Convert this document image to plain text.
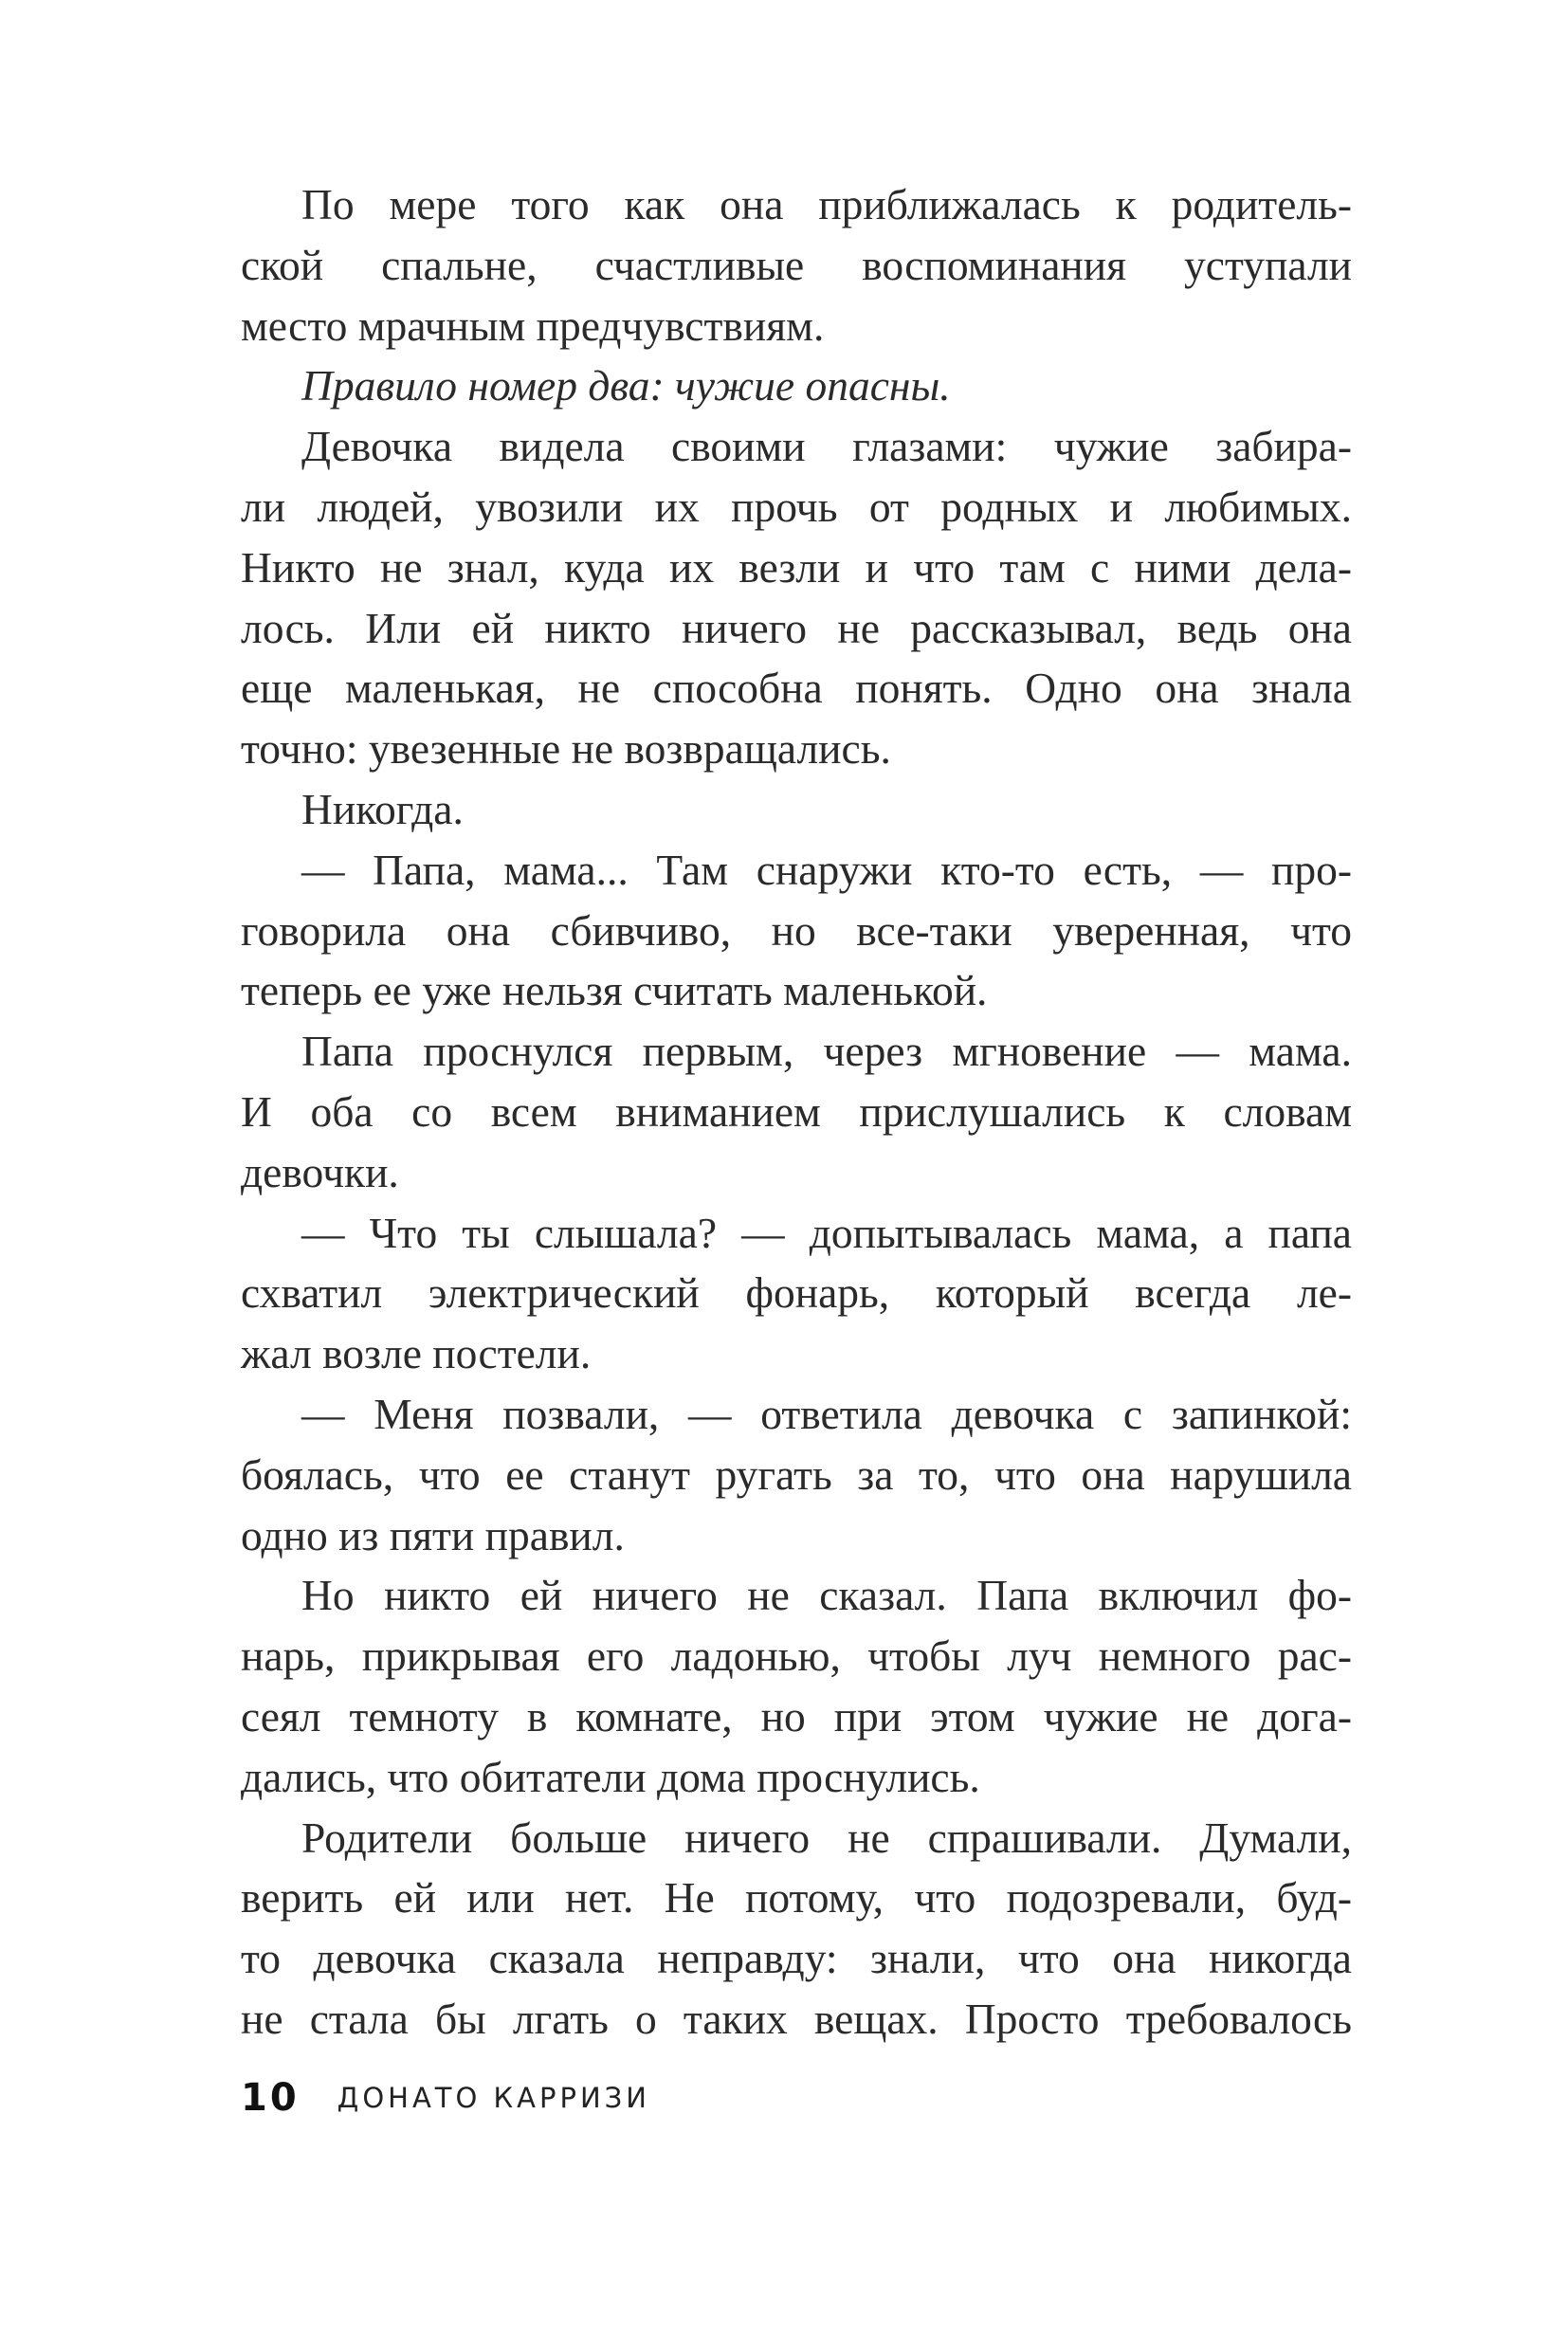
По мере того как она приближалась к родитель-
ской спальне, счастливые воспоминания уступали
место мрачным предчувствиям.
Правило номер два: чужие опасны.
Девочка видела своими глазами: чужие забира-
ли людей, увозили их прочь от родных и любимых.
Никто не знал, куда их везли и что там с ними дела-
лось. Или ей никто ничего не рассказывал, ведь она
еще маленькая, не способна понять. Одно она знала
точно: увезенные не возвращались.
Никогда.
— Папа, мама... Там снаружи кто-то есть, — про-
говорила она сбивчиво, но все-таки уверенная, что
теперь ее уже нельзя считать маленькой.
Папа проснулся первым, через мгновение — мама.
И оба со всем вниманием прислушались к словам
девочки.
— Что ты слышала? — допытывалась мама, а папа
схватил электрический фонарь, который всегда ле-
жал возле постели.
— Меня позвали, — ответила девочка с запинкой:
боялась, что ее станут ругать за то, что она нарушила
одно из пяти правил.
Но никто ей ничего не сказал. Папа включил фо-
нарь, прикрывая его ладонью, чтобы луч немного рас-
сеял темноту в комнате, но при этом чужие не дога-
дались, что обитатели дома проснулись.
Родители больше ничего не спрашивали. Думали,
верить ей или нет. Не потому, что подозревали, буд-
то девочка сказала неправду: знали, что она никогда
не стала бы лгать о таких вещах. Просто требовалось
10 ДОНАТО КАРРИЗИ
